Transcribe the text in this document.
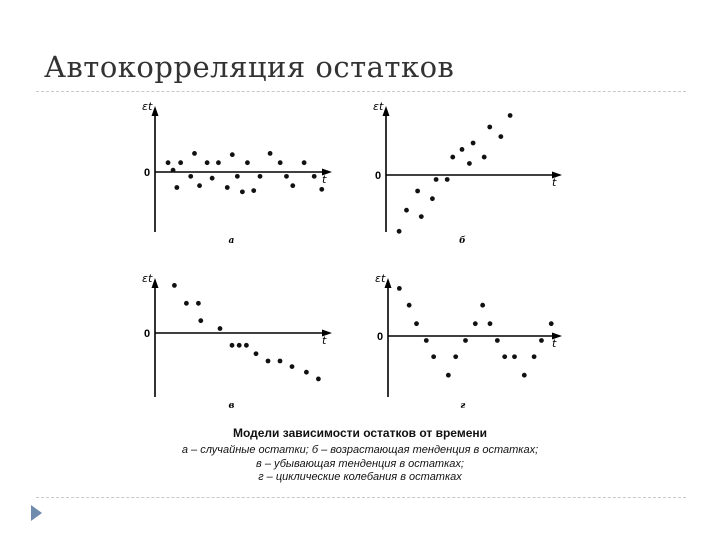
Автокорреляция остатков
εt
t
0
а
εt
t
0
б
εt
t
0
в
εt
t
0
г
Модели зависимости остатков от времени
а – случайные остатки; б – возрастающая тенденция в остатках;
в – убывающая тенденция в остатках;
г – циклические колебания в остатках
